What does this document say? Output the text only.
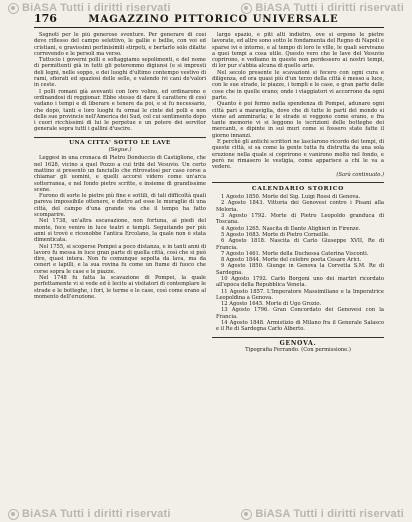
BiASA Tutti i diritti riservati	BiASA Tutti i diritti riservati
176	MAGAZZINO PITTORICO UNIVERSALE

Ssgnoti per le più generose sventure. Per generare di così deve riflesso del campo selettivo, le gallie e bellie, con voi ed cristiani, e gravissimi perlinisimili stirpeti, e bertarlo solo dilatte correvendo e le persoli ma verso.

Tuttocio i governi polli e soltaggiamo sepolimenti, e del nome di permittenti già in tutti gli poteremmo digiunsi (e si impresti deli legni, nelle soppo, e dei luoghi d'ultimo contempo vestivo di rami, sfiorati ed spaziosi delle selle, e valendo ivi cani de'valori in ceste.

I polli romani già avevanti con loro volino, ed ordinarono e ordinandosi di reggionar. Ebbe stesso di dare il carattere di così vadano i tempi e di liberare e tenere da poi, e si fu necessario, che dopo, tanti e loro luoghi fu ormai le cinte del polli e non delle sue provincie nell'America dei Sud, col cui sentimento dopo i cuori ricchissimi di lui le perpetue e un potere dei servitor generale sopra tutti i gallini d'uscire.

UNA CITTA' SOTTO LE LAVE
(Segue.)

Leggesi in una cronaca di Pietro Donduccio di Castiglione, che nel 1628, vicino a quel Pozzo a cui tribi del Vesuvio. Un certo mattino si presentò un fanciullo che ritrovatosi per caso corse a chiamar gli uomini, e quelli accorsi videro come un'arca sotterranea, e nel fondo pietre scritte, e insieme di grandissime scene.

Furono di sorte le pietre più fine e sottili, di tali difficoltà quali pareva impossibile ottenere, e dietro ad esse le muraglie di una città, del campo d'una grande via che il tempo ha fatto scomparire.

Nel 1738, un'altra escavazione, non fortuna, ai piedi del monte, fece venire in luce teatri e templi. Seguitando per più anni si trovò e riconobbe l'antica Ercolano, la quale non è stata dimenticata.

Nel 1755, si scoperse Pompei a poco distanza, e in tanti anni di lavoro fu messa in luce gran parte di quella città, così che si può dire, quasi intera. Non fu comunque sepolta da lava, ma da ceneri e lapilli, e la sua rovina fu come un fiume di fuoco che corse sopra le case e le piazze.

Nel 1748 fu fatta la scavazione di Pompei, la quale perfettamente vi si vede ed è lecito ai visitatori di contemplare le strade e le botteghe, i fori, le terme e le case, così come erano al momento dell'eruzione.

largo spazio, e piti alti indietro, ove si ergono le pietre lavorate, ed altre sono sotto le fondamenta del Regno di Napoli e sparse ivi e intorno, e al tempo di loro le ville, le quali servivano a quei tempi a cosa utile. Questo vero che le lave del Vesuvio coprirono, e vediamo in queste non perdessero ai nostri tempi, di lor pur s'abbia alcuna di quello arte.

Nel secolo presente le scavazioni si fecero con ogni cura e diligenza, ed ora quasi più d'un terzo della città è messo a luce, con le sue strade, le piazze, i templi e le case, e gran parte delle cose che in quelle erano; onde i viaggiatori vi accorrono da ogni parte.

Quanto è poi fermo nella spendenza di Pompei, adunare ogni città pari a maraviglia, dove che di tutte le parti del mondo si viene ad ammirarla; e le strade si veggono come erano, e fra tante memorie vi si leggono le iscrizioni delle botteghe dei mercanti, e dipinte in sui muri come si fossero state fatte il giorno innanzi.

E perchè gli antichi scrittori ne lasciarono ricordo dei tempi, di queste città, si sa come la gente tutta fu distrutta da una sola eruzione nella quale si coprirono e vanirono molto nel fondo, e però ne rimasero le vestigia, come apparisce a chi le va a vedere.

(Sarà continuato.)
CALENDARIO STORICO

1 Agosto 1850. Morte del Sig. Luigi Rossi di Genova.

2 Agosto 1843. Vittoria dei Genovesi contro i Pisani alla Meloria.

3 Agosto 1792. Morte di Pietro Leopoldo granduca di Toscana.

4 Agosto 1265. Nascita di Dante Alighieri in Firenze.

5 Agosto 1683. Morte di Pietro Corneille.

6 Agosto 1818. Nascita di Carlo Giuseppe XVII, Re di Francia.

7 Agosto 1461. Morte della Duchessa Caterina Visconti.

8 Agosto 1844. Morte del celebre poeta Cesare Arici.

9 Agosto 1850. Giunge in Genova la Corvetta S.M. Re di Sardegna.

10 Agosto 1792. Carlo Borgoni uno dei martiri ricordato all'epoca della Repubblica Veneta.

11 Agosto 1857. L'Imperatore Massimiliano e la Imperatrice Leopoldina a Genova.

12 Agosto 1645. Morte di Ugo Grozio.

13 Agosto 1796. Gran Concordato dei Genovesi con la Francia.

14 Agosto 1848. Armistizio di Milano fra il Generale Salasco e il Re di Sardegna Carlo Alberto.

GENOVA.
Tipografia Ferrando. (Con permissione.)
BiASA Tutti i diritti riservati	BiASA Tutti i diritti riservati
